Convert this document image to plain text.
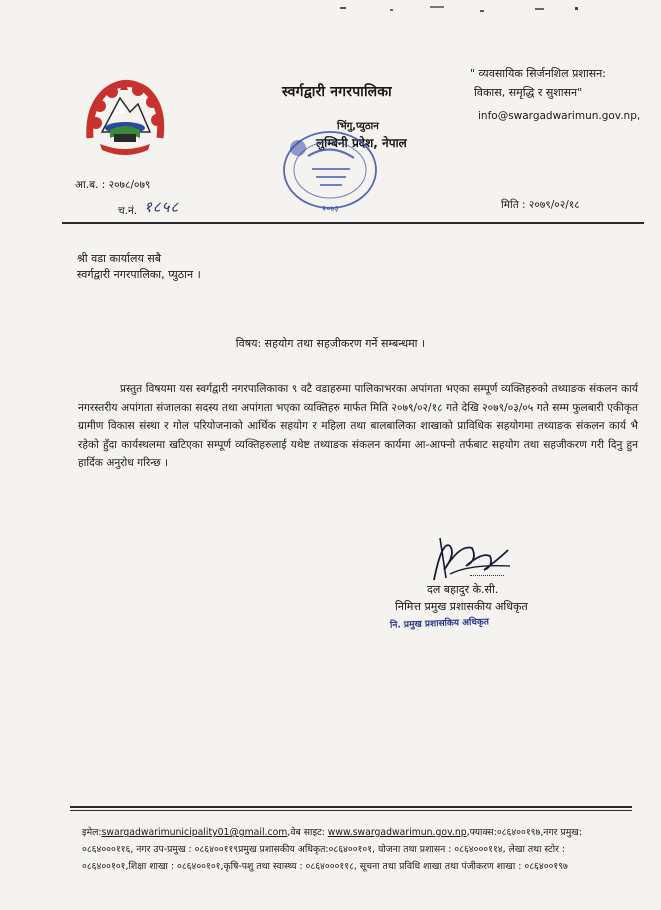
स्वर्गद्वारी नगरपालिका
भिंगु,प्युठान
लुम्बिनी प्रदेश, नेपाल
२०७३
" व्यवसायिक सिर्जनशिल प्रशासन:
विकास, समृद्धि र सुशासन"
info@swargadwarimun.gov.np,
आ.ब. : २०७८/०७९
च.नं. १८५८	मिति : २०७९/०२/१८
श्री वडा कार्यालय सबै
स्वर्गद्वारी नगरपालिका, प्युठान ।
विषय: सहयोग तथा सहजीकरण गर्ने सम्बन्धमा ।

प्रस्तुत विषयमा यस स्वर्गद्वारी नगरपालिकाका ९ वटै वडाहरुमा पालिकाभरका अपांगता भएका सम्पूर्ण व्यक्तिहरुको तथ्याङक संकलन कार्य नगरस्तरीय अपांगता संजालका सदस्य तथा अपांगता भएका व्यक्तिहरु मार्फत मिति २०७९/०२/१८ गते देखि २०७९/०३/०५ गते सम्म फुलबारी एकीकृत ग्रामीण विकास संस्था र गोल परियोजनाको आर्थिक सहयोग र महिला तथा बालबालिका शाखाको प्राविधिक सहयोगमा तथ्याङक संकलन कार्य भै रहेको हुँदा कार्यस्थलमा खटिएका सम्पूर्ण व्यक्तिहरुलाई यथेष्ट तथ्याङक संकलन कार्यमा आ-आफ्नो तर्फबाट सहयोग तथा सहजीकरण गरी दिनु हुन हार्दिक अनुरोध गरिन्छ ।

दल बहादुर के.सी.
निमित्त प्रमुख प्रशासकीय अधिकृत
नि. प्रमुख प्रशासकिय अधिकृत
इमेल:swargadwarimunicipality01@gmail.com,वेब साइट: www.swargadwarimun.gov.np,फ्याक्स:०८६४००१९७,नगर प्रमुख:
०८६४०००११६, नगर उप-प्रमुख : ०८६४००११९प्रमुख प्रशासकीय अधिकृत:०८६४००१०१, योजना तथा प्रशासन : ०८६४०००११४, लेखा तथा स्टोर :
०८६४००१०१,शिक्षा शाखा : ०८६४००१०१,कृषि-पशु तथा स्वास्थ्य : ०८६४०००११८, सूचना तथा प्रविधि शाखा तथा पंजीकरण शाखा : ०८६४००१९७
